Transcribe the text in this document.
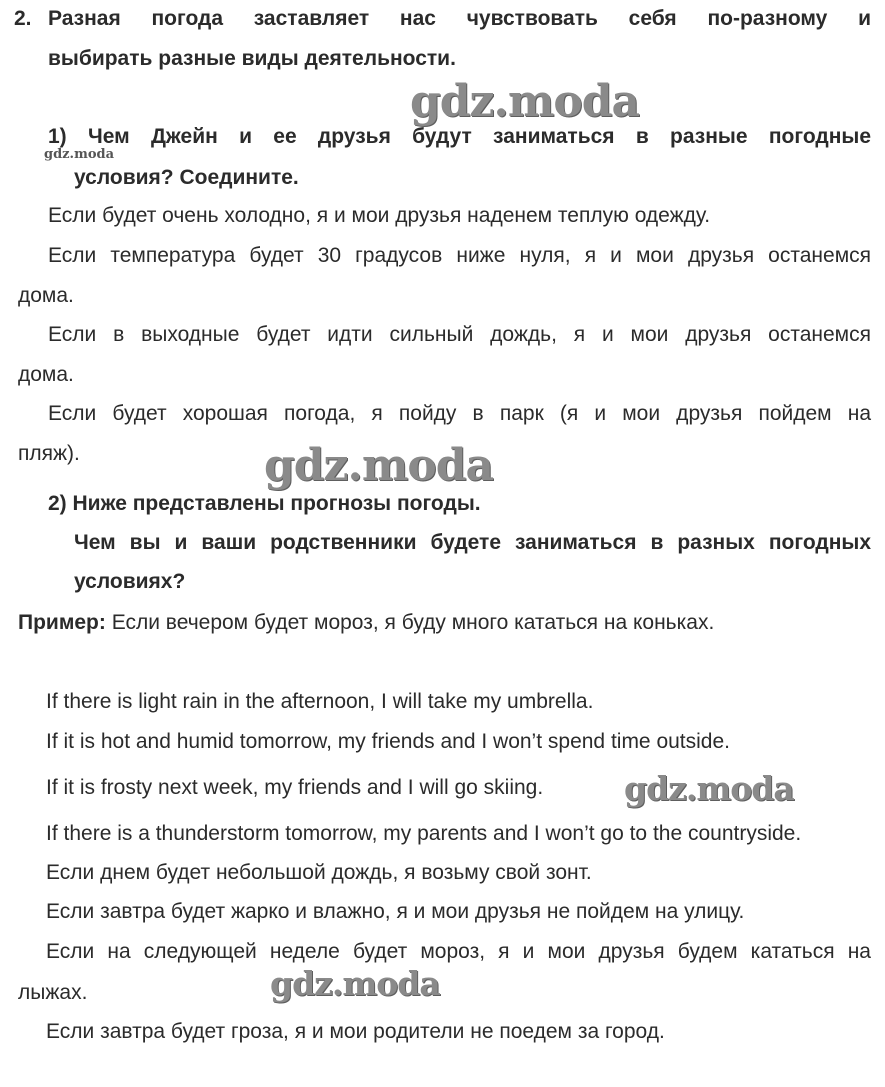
2. Разная погода заставляет нас чувствовать себя по-разному и
выбирать разные виды деятельности.
1) Чем Джейн и ее друзья будут заниматься в разные погодные
условия? Соедините.
Если будет очень холодно, я и мои друзья наденем теплую одежду.
Если температура будет 30 градусов ниже нуля, я и мои друзья останемся
дома.
Если в выходные будет идти сильный дождь, я и мои друзья останемся
дома.
Если будет хорошая погода, я пойду в парк (я и мои друзья пойдем на
пляж).
2) Ниже представлены прогнозы погоды.
Чем вы и ваши родственники будете заниматься в разных погодных
условиях?
Пример: Если вечером будет мороз, я буду много кататься на коньках.
If there is light rain in the afternoon, I will take my umbrella.
If it is hot and humid tomorrow, my friends and I won’t spend time outside.
If it is frosty next week, my friends and I will go skiing.
If there is a thunderstorm tomorrow, my parents and I won’t go to the countryside.
Если днем будет небольшой дождь, я возьму свой зонт.
Если завтра будет жарко и влажно, я и мои друзья не пойдем на улицу.
Если на следующей неделе будет мороз, я и мои друзья будем кататься на
лыжах.
Если завтра будет гроза, я и мои родители не поедем за город.
gdz.moda
gdz.moda
gdz.moda
gdz.moda
gdz.moda
